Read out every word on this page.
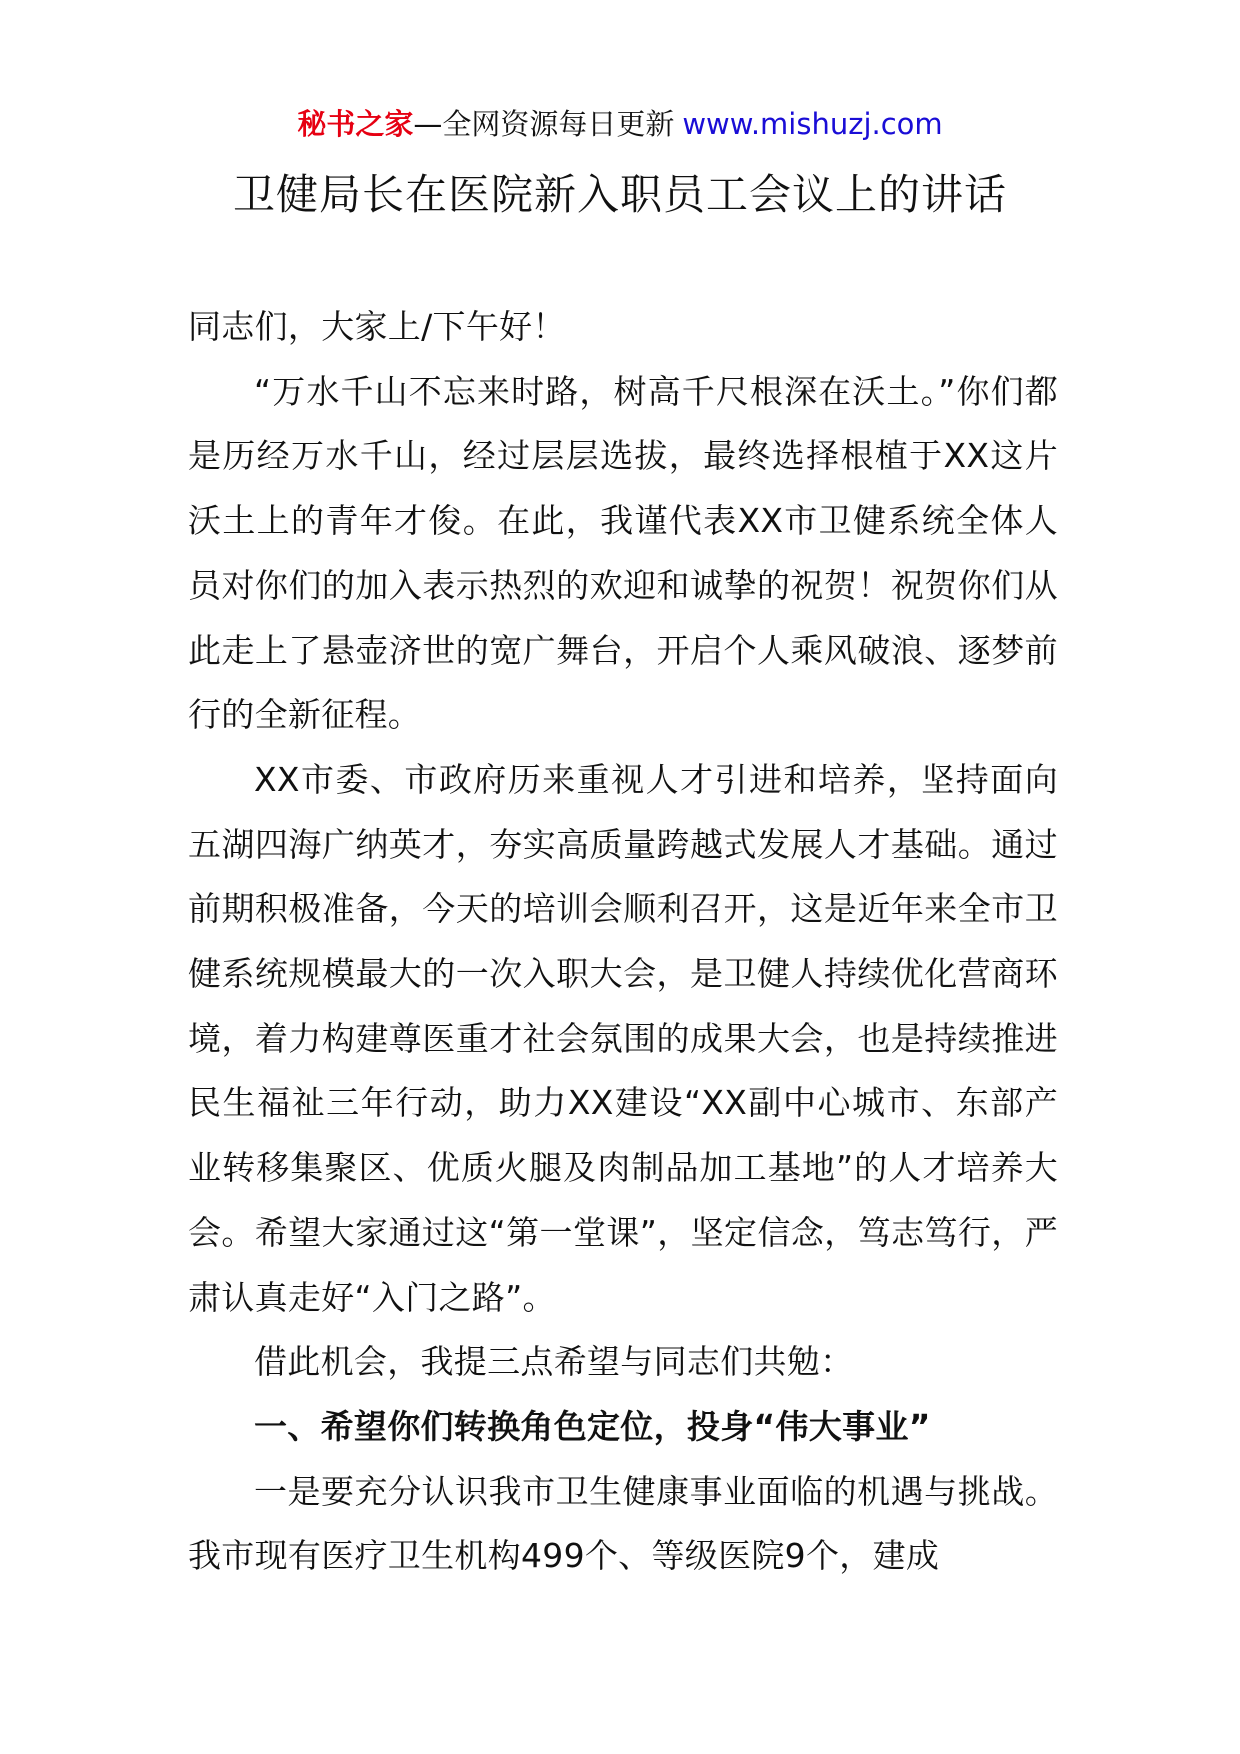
秘书之家—全网资源每日更新 www.mishuzj.com
卫健局长在医院新入职员工会议上的讲话

同志们，大家上/下午好！

“万水千山不忘来时路，树高千尺根深在沃土。”你们都是历经万水千山，经过层层选拔，最终选择根植于XX这片沃土上的青年才俊。在此，我谨代表XX市卫健系统全体人员对你们的加入表示热烈的欢迎和诚挚的祝贺！祝贺你们从此走上了悬壶济世的宽广舞台，开启个人乘风破浪、逐梦前行的全新征程。

XX市委、市政府历来重视人才引进和培养，坚持面向五湖四海广纳英才，夯实高质量跨越式发展人才基础。通过前期积极准备，今天的培训会顺利召开，这是近年来全市卫健系统规模最大的一次入职大会，是卫健人持续优化营商环境，着力构建尊医重才社会氛围的成果大会，也是持续推进民生福祉三年行动，助力XX建设“XX副中心城市、东部产业转移集聚区、优质火腿及肉制品加工基地”的人才培养大会。希望大家通过这“第一堂课”，坚定信念，笃志笃行，严肃认真走好“入门之路”。

借此机会，我提三点希望与同志们共勉：

一、希望你们转换角色定位，投身“伟大事业”

一是要充分认识我市卫生健康事业面临的机遇与挑战。我市现有医疗卫生机构499个、等级医院9个，建成
